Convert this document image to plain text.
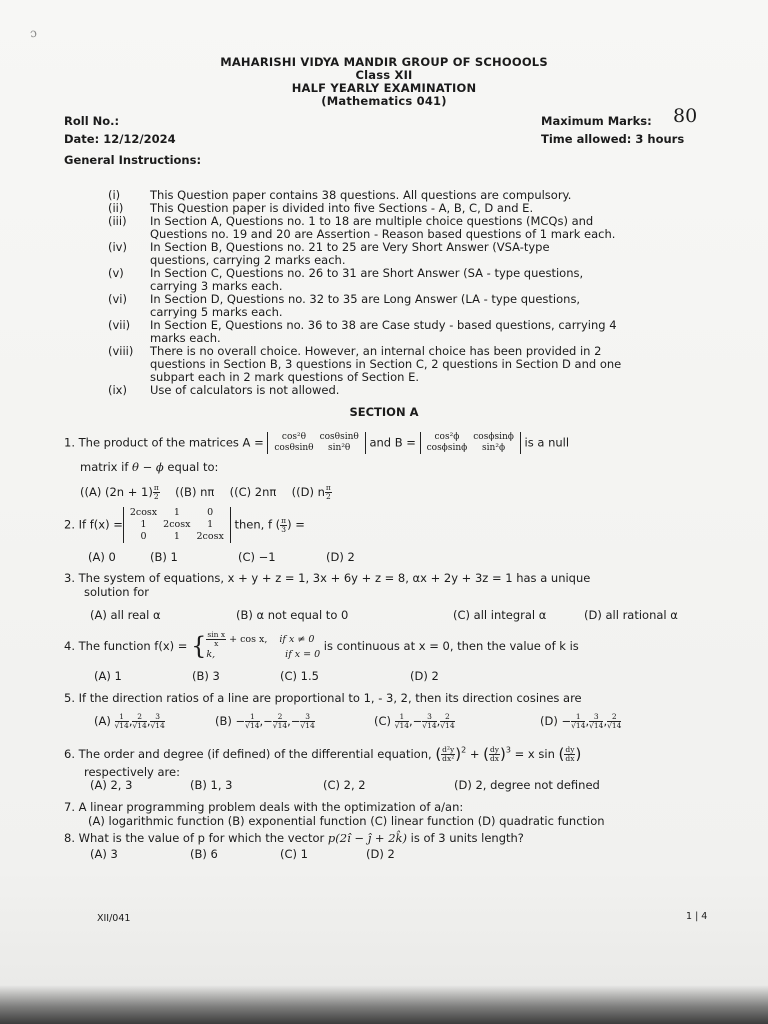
ɔ
MAHARISHI VIDYA MANDIR GROUP OF SCHOOOLS
Class XII
HALF YEARLY EXAMINATION
(Mathematics 041)
Roll No.:
Date: 12/12/2024
Maximum Marks: 80
Time allowed: 3 hours
General Instructions:
(i)	This Question paper contains 38 questions. All questions are compulsory.
(ii) This Question paper is divided into five Sections - A, B, C, D and E.
(iii) In Section A, Questions no. 1 to 18 are multiple choice questions (MCQs) and
Questions no. 19 and 20 are Assertion - Reason based questions of 1 mark each.
(iv) In Section B, Questions no. 21 to 25 are Very Short Answer (VSA-type
questions, carrying 2 marks each.
(v) In Section C, Questions no. 26 to 31 are Short Answer (SA - type questions,
carrying 3 marks each.
(vi) In Section D, Questions no. 32 to 35 are Long Answer (LA - type questions,
carrying 5 marks each.
(vii) In Section E, Questions no. 36 to 38 are Case study - based questions, carrying 4
marks each.
(viii) There is no overall choice. However, an internal choice has been provided in 2
questions in Section B, 3 questions in Section C, 2 questions in Section D and one
subpart each in 2 mark questions of Section E.
(ix) Use of calculators is not allowed.
SECTION A
1. The product of the matrices A = cos²θ	cosθsinθ
cosθsinθ	sin²θ and B = cos²ϕ	cosϕsinϕ
cosϕsinϕ	sin²ϕ is a null
matrix if θ − ϕ equal to:
((A) $(2n + 1) \frac{\pi}{2} ((B)$ nπ ((C) 2nπ ((D) n $\frac{\pi}{2}$
2. If f(x) =
2cosx	1	0
1	2cosx	1
0	1	2cosx
then, f ( $\frac{\pi}{3}$ ) =
(A) 0	(B) 1	(C) −1	(D) 2
3. The system of equations, x + y + z = 1, 3x + 6y + z = 8, αx + 2y + 3z = 1 has a unique
solution for
(A) all real α	(B) α not equal to 0	(C) all integral α	(D) all rational α
4. The function f(x) = { $\frac{\text{sin x}}{x} + \cos x$, if x ≠ 0
k,	if x = 0
is continuous at x = 0, then the value of k is
(A) 1	(B) 3	(C) 1.5	(D) 2
5. If the direction ratios of a line are proportional to 1, - 3, 2, then its direction cosines are
$(A) \frac{1}{√14}$ , $\frac{2}{√14}$ , $\frac{3}{√14}$	$(B) - \frac{1}{√14}$ ,− $\frac{2}{√14}$ ,− $\frac{3}{√14}$	$(C) \frac{1}{√14}$ ,− $\frac{3}{√14}$ , $\frac{2}{√14}$	$(D) - \frac{1}{√14}$ , $\frac{3}{√14}$ , $\frac{2}{√14}$
6. The order and degree (if defined) of the differential equation, ( $\frac{\text{d²y}}{\text{dx²}} )^2$ + ( $\frac{dy}{dx} )^3 = x$ sin ( $\frac{dy}{dx}$ )
respectively are:
(A) 2, 3	(B) 1, 3	(C) 2, 2	(D) 2, degree not defined
7. A linear programming problem deals with the optimization of a/an:
(A) logarithmic function (B) exponential function (C) linear function (D) quadratic function
8. What is the value of p for which the vector p(2î − ĵ + 2k̂) is of 3 units length?
(A) 3	(B) 6	(C) 1	(D) 2
XII/041	1 | 4
